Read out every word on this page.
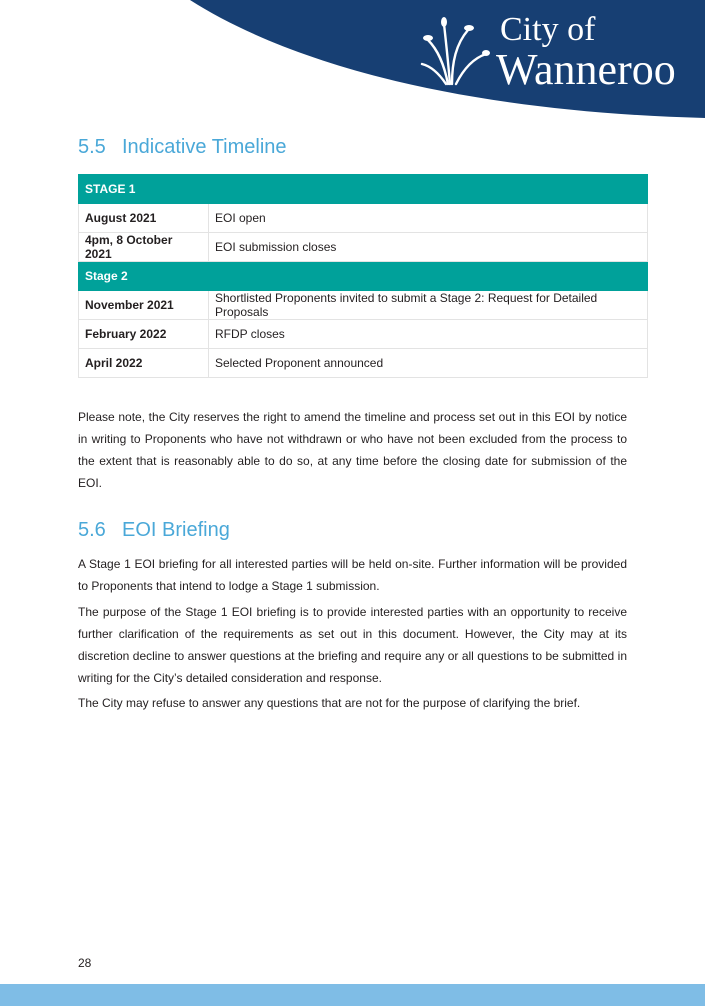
City of
Wanneroo
5.5 Indicative Timeline
STAGE 1	
August 2021	EOI open
4pm, 8 October 2021	EOI submission closes
Stage 2	
November 2021	Shortlisted Proponents invited to submit a Stage 2: Request for Detailed Proposals
February 2022	RFDP closes
April 2022	Selected Proponent announced

Please note, the City reserves the right to amend the timeline and process set out in this EOI by notice in writing to Proponents who have not withdrawn or who have not been excluded from the process to the extent that is reasonably able to do so, at any time before the closing date for submission of the EOI.

5.6 EOI Briefing

A Stage 1 EOI briefing for all interested parties will be held on-site. Further information will be provided to Proponents that intend to lodge a Stage 1 submission.

The purpose of the Stage 1 EOI briefing is to provide interested parties with an opportunity to receive further clarification of the requirements as set out in this document. However, the City may at its discretion decline to answer questions at the briefing and require any or all questions to be submitted in writing for the City’s detailed consideration and response.

The City may refuse to answer any questions that are not for the purpose of clarifying the brief.

28
